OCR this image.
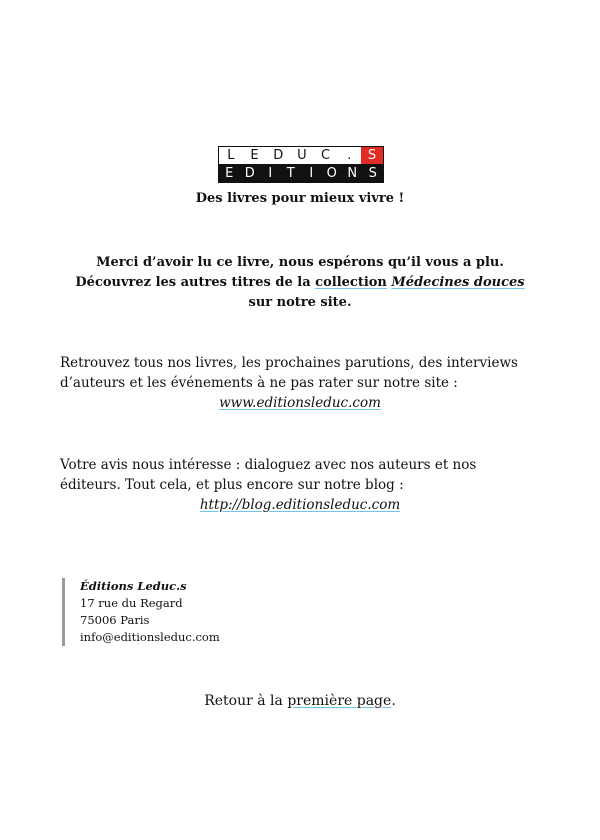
L	E	D	U	C	.	S
E D	I	T	I	O N S
Des livres pour mieux vivre !
Merci d’avoir lu ce livre, nous espérons qu’il vous a plu.
Découvrez les autres titres de la collection Médecines douces
sur notre site.

Retrouvez tous nos livres, les prochaines parutions, des interviews d’auteurs et les événements à ne pas rater sur notre site :

www.editionsleduc.com

Votre avis nous intéresse : dialoguez avec nos auteurs et nos éditeurs. Tout cela, et plus encore sur notre blog :

http://blog.editionsleduc.com
Éditions Leduc.s
17 rue du Regard
75006 Paris
info@editionsleduc.com
Retour à la première page.
